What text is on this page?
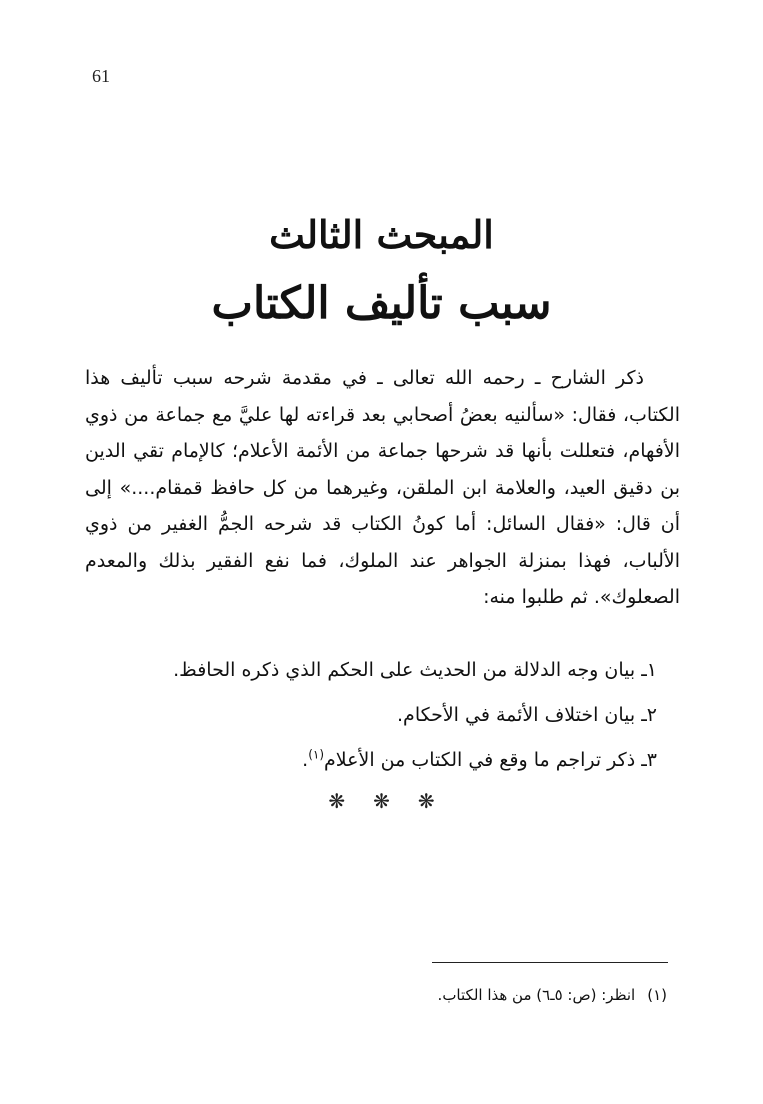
61
المبحث الثالث
سبب تأليف الكتاب

ذكر الشارح ـ رحمه الله تعالى ـ في مقدمة شرحه سبب تأليف هذا الكتاب، فقال: «سألنيه بعضُ أصحابي بعد قراءته لها عليَّ مع جماعة من ذوي الأفهام، فتعللت بأنها قد شرحها جماعة من الأئمة الأعلام؛ كالإمام تقي الدين بن دقيق العيد، والعلامة ابن الملقن، وغيرهما من كل حافظ قمقام....» إلى أن قال: «فقال السائل: أما كونُ الكتاب قد شرحه الجمُّ الغفير من ذوي الألباب، فهذا بمنزلة الجواهر عند الملوك، فما نفع الفقير بذلك والمعدم الصعلوك». ثم طلبوا منه:

١ـ بيان وجه الدلالة من الحديث على الحكم الذي ذكره الحافظ.
٢ـ بيان اختلاف الأئمة في الأحكام.
٣ـ ذكر تراجم ما وقع في الكتاب من الأعلام$^{(١)}$.
❋ ❋ ❋
(١)انظر: (ص: ٥ـ٦) من هذا الكتاب.
